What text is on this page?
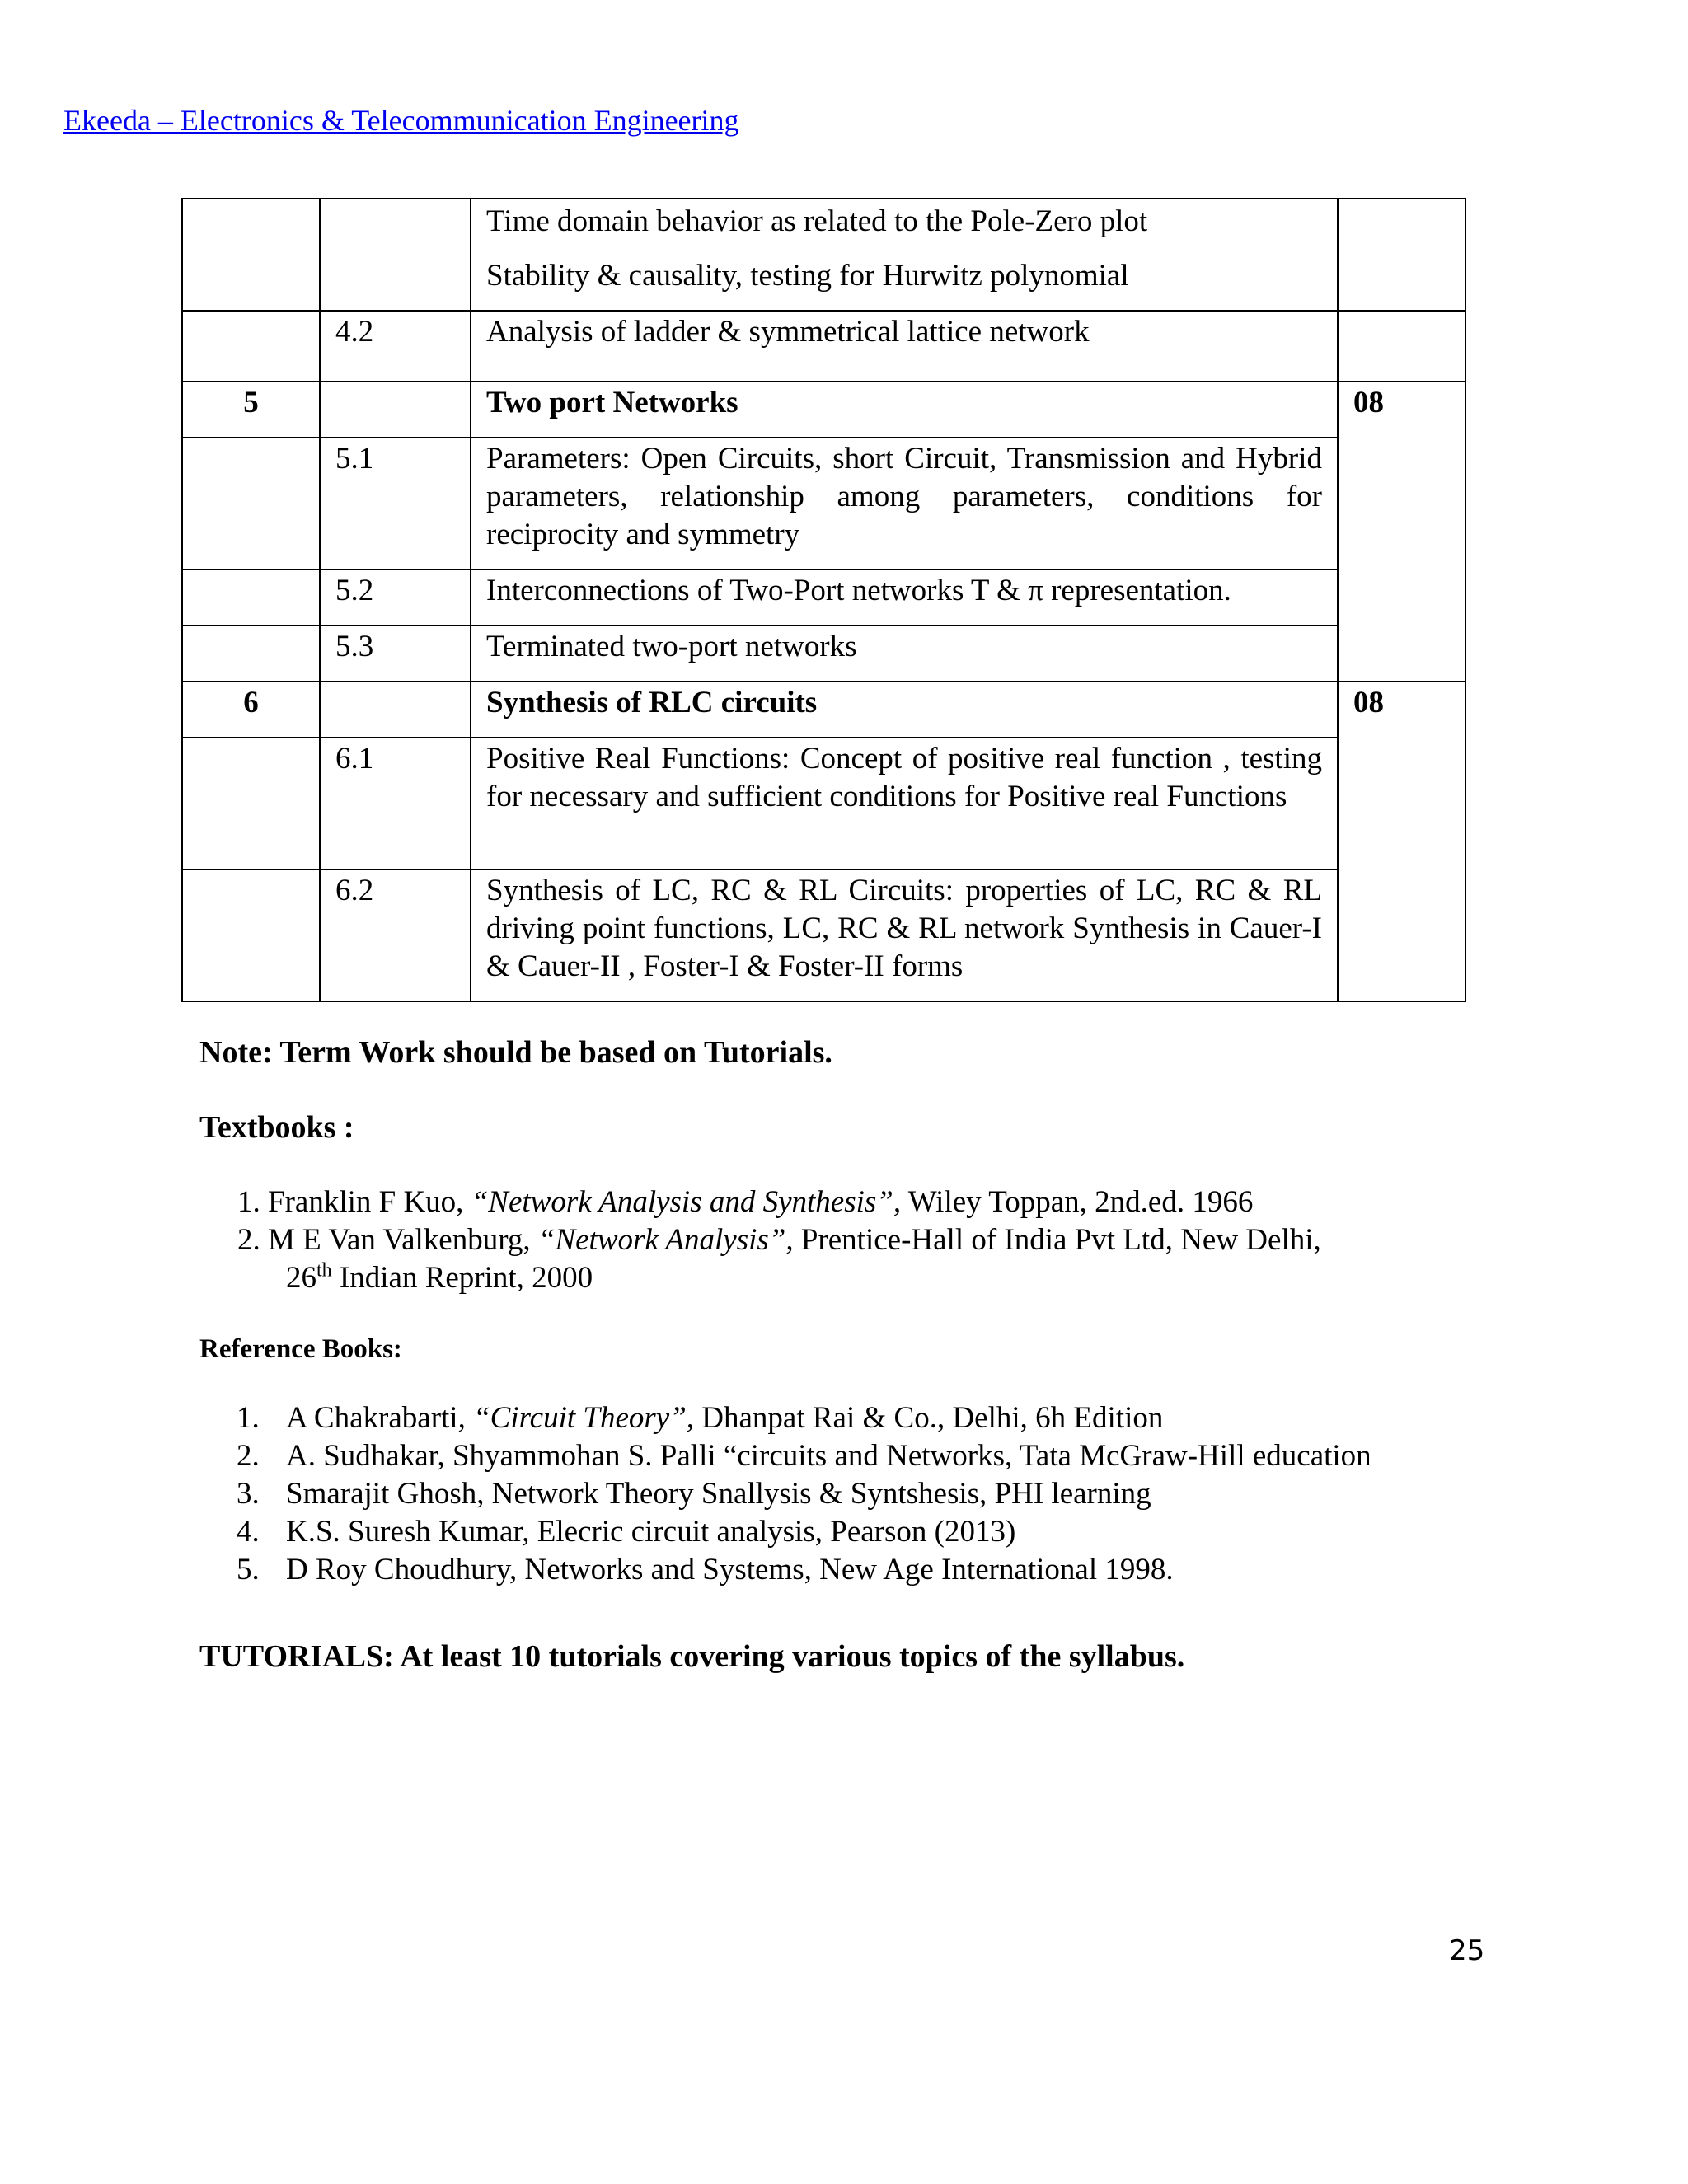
Ekeeda – Electronics & Telecommunication Engineering

		Time domain behavior as related to the Pole-Zero plot
Stability & causality, testing for Hurwitz polynomial	

	4.2	Analysis of ladder & symmetrical lattice network	
5		Two port Networks	08
	5.1	Parameters: Open Circuits, short Circuit, Transmission and Hybrid parameters, relationship among parameters, conditions for reciprocity and symmetry	
	5.2	Interconnections of Two-Port networks T & π representation.	
	5.3	Terminated two-port networks	
6		Synthesis of RLC circuits	08
	6.1	Positive Real Functions: Concept of positive real function , testing for necessary and sufficient conditions for Positive real Functions	
	6.2	Synthesis of LC, RC & RL Circuits: properties of LC, RC & RL driving point functions, LC, RC & RL network Synthesis in Cauer-I & Cauer-II , Foster-I & Foster-II forms	
Note: Term Work should be based on Tutorials.
Textbooks :
1. Franklin F Kuo, “Network Analysis and Synthesis”, Wiley Toppan, 2nd.ed. 1966
2. M E Van Valkenburg, “Network Analysis”, Prentice-Hall of India Pvt Ltd, New Delhi,
26th Indian Reprint, 2000
Reference Books:
1. A Chakrabarti, “Circuit Theory”, Dhanpat Rai & Co., Delhi, 6h Edition
2. A. Sudhakar, Shyammohan S. Palli “circuits and Networks, Tata McGraw-Hill education
3. Smarajit Ghosh, Network Theory Snallysis & Syntshesis, PHI learning
4. K.S. Suresh Kumar, Elecric circuit analysis, Pearson (2013)
5. D Roy Choudhury, Networks and Systems, New Age International 1998.
TUTORIALS: At least 10 tutorials covering various topics of the syllabus.
25
